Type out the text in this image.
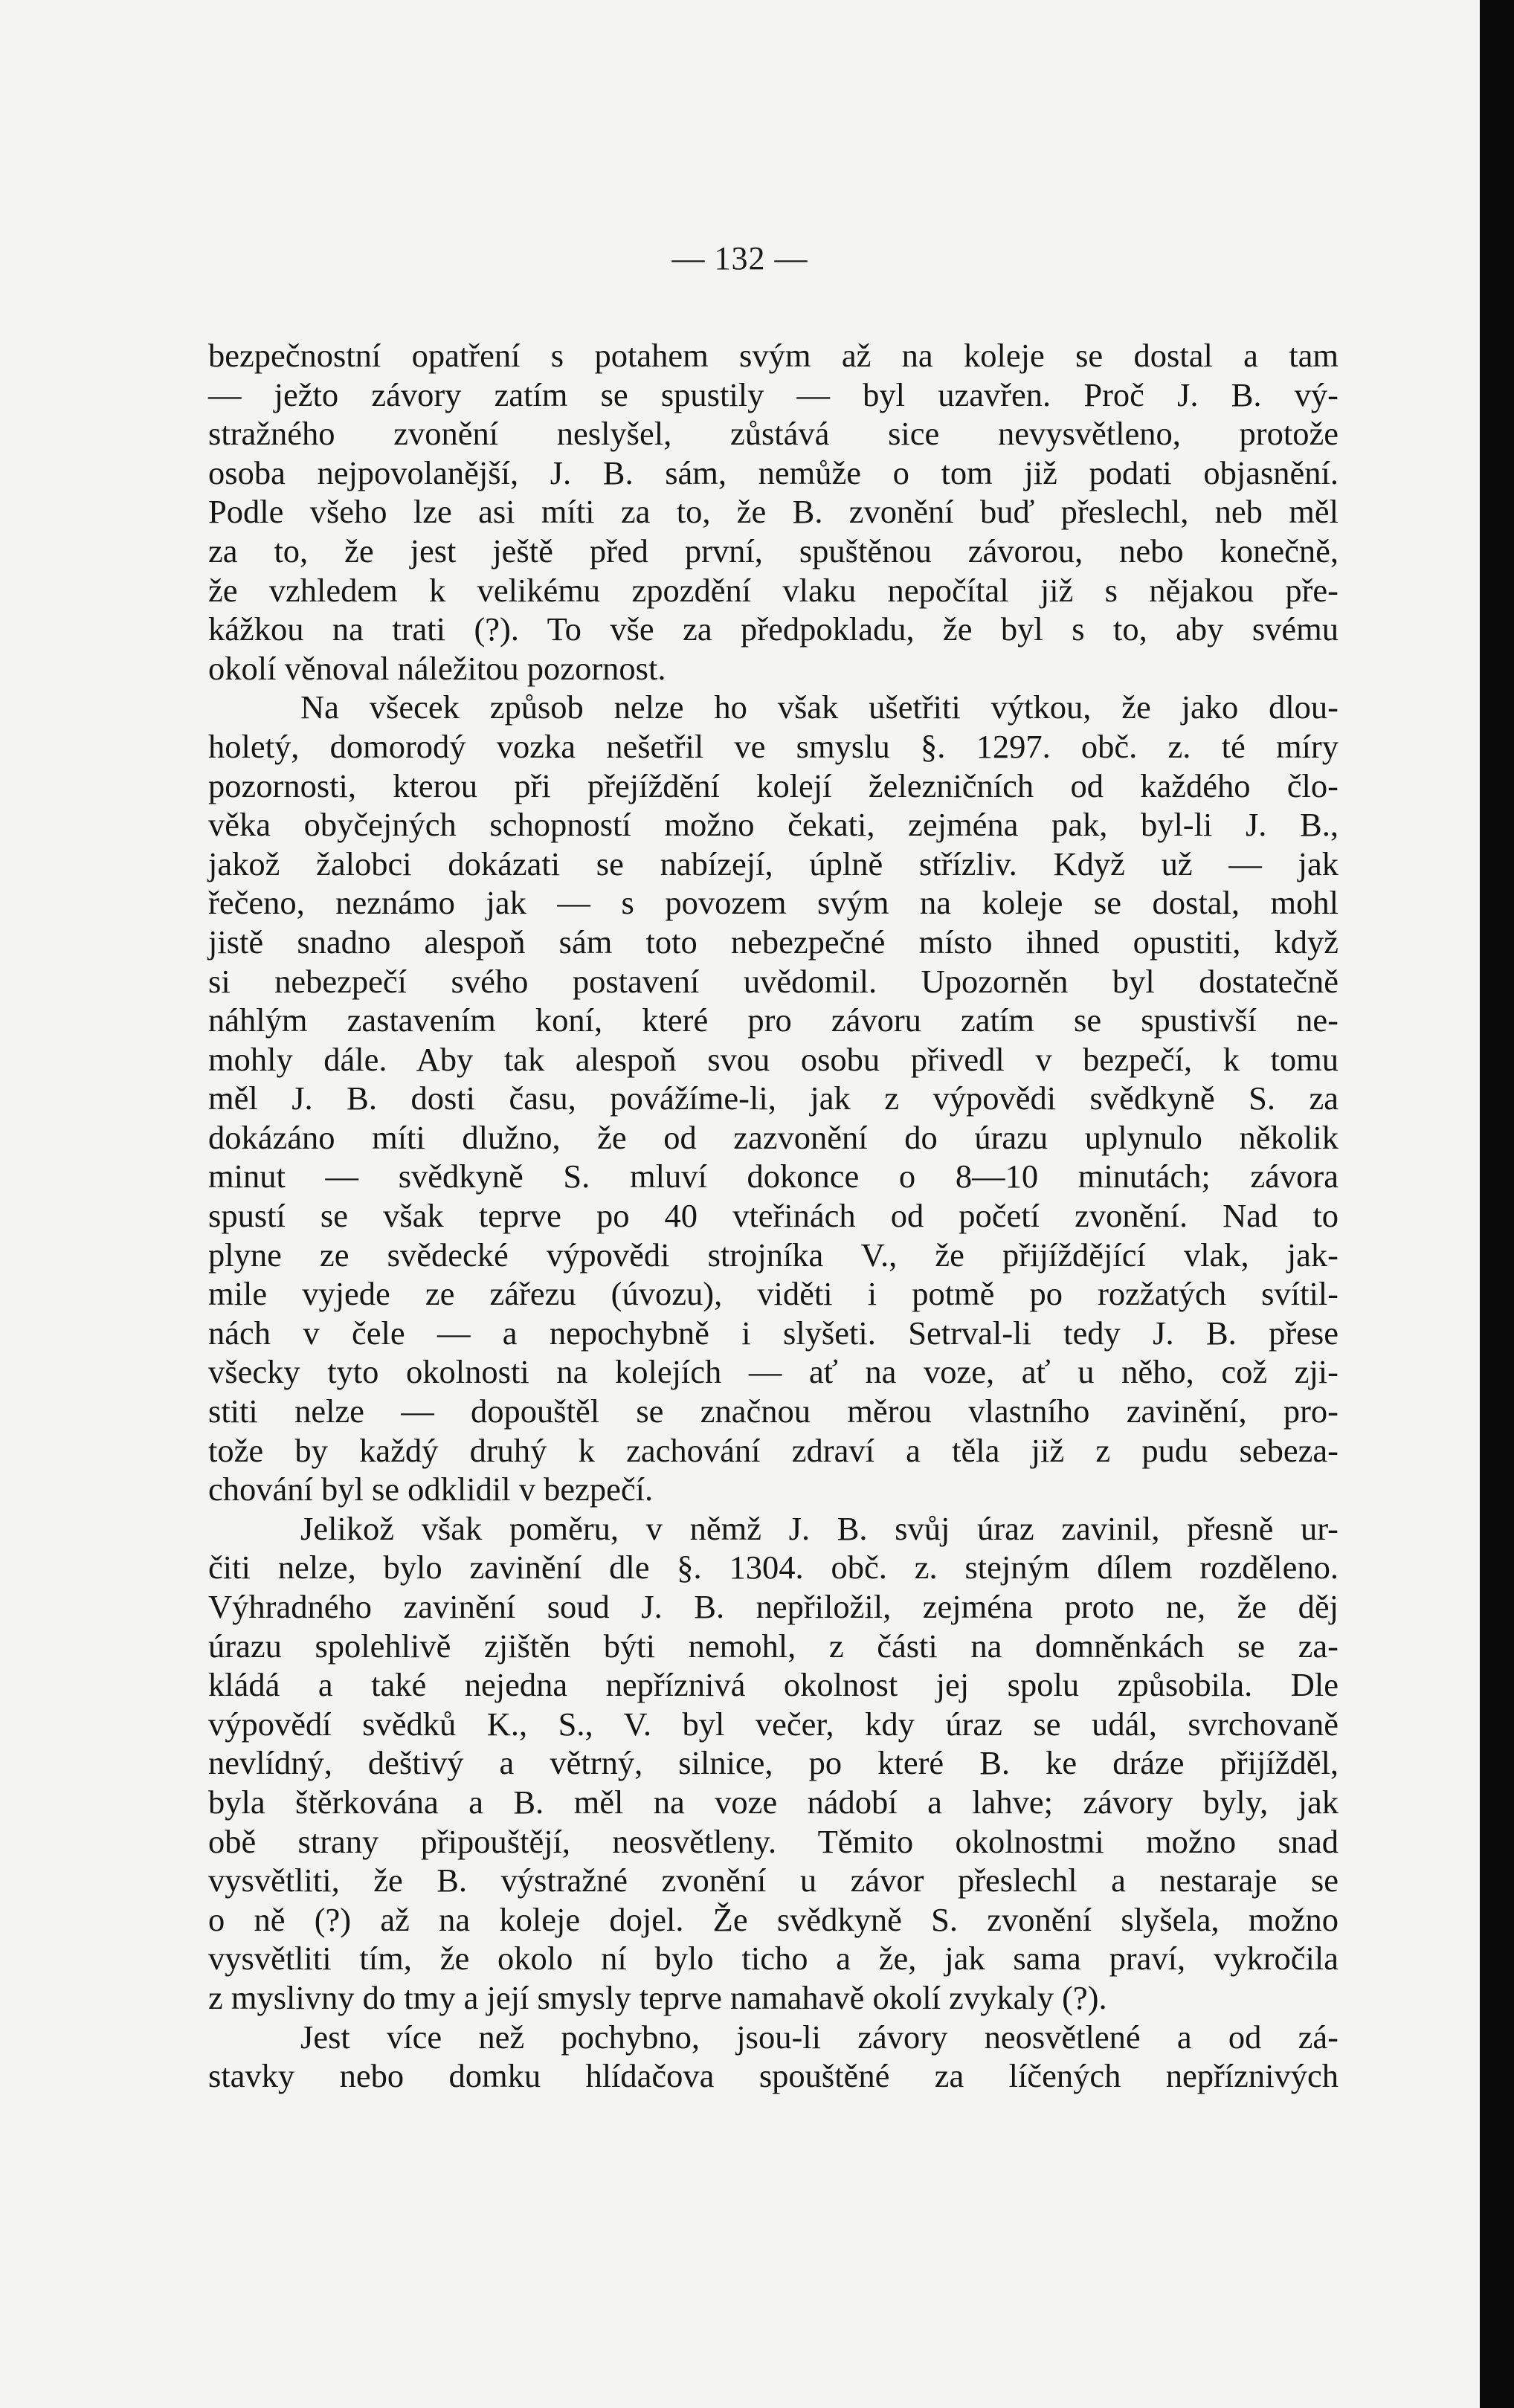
— 132 —
bezpečnostní opatření s potahem svým až na koleje se dostal a tam
— ježto závory zatím se spustily — byl uzavřen. Proč J. B. vý-
stražného zvonění neslyšel, zůstává sice nevysvětleno, protože
osoba nejpovolanější, J. B. sám, nemůže o tom již podati objasnění.
Podle všeho lze asi míti za to, že B. zvonění buď přeslechl, neb měl
za to, že jest ještě před první, spuštěnou závorou, nebo konečně,
že vzhledem k velikému zpozdění vlaku nepočítal již s nějakou pře-
kážkou na trati (?). To vše za předpokladu, že byl s to, aby svému
okolí věnoval náležitou pozornost.
Na všecek způsob nelze ho však ušetřiti výtkou, že jako dlou-
holetý, domorodý vozka nešetřil ve smyslu §. 1297. obč. z. té míry
pozornosti, kterou při přejíždění kolejí železničních od každého člo-
věka obyčejných schopností možno čekati, zejména pak, byl-li J. B.,
jakož žalobci dokázati se nabízejí, úplně střízliv. Když už — jak
řečeno, neznámo jak — s povozem svým na koleje se dostal, mohl
jistě snadno alespoň sám toto nebezpečné místo ihned opustiti, když
si nebezpečí svého postavení uvědomil. Upozorněn byl dostatečně
náhlým zastavením koní, které pro závoru zatím se spustivší ne-
mohly dále. Aby tak alespoň svou osobu přivedl v bezpečí, k tomu
měl J. B. dosti času, povážíme-li, jak z výpovědi svědkyně S. za
dokázáno míti dlužno, že od zazvonění do úrazu uplynulo několik
minut — svědkyně S. mluví dokonce o 8—10 minutách; závora
spustí se však teprve po 40 vteřinách od početí zvonění. Nad to
plyne ze svědecké výpovědi strojníka V., že přijíždějící vlak, jak-
mile vyjede ze zářezu (úvozu), viděti i potmě po rozžatých svítil-
nách v čele — a nepochybně i slyšeti. Setrval-li tedy J. B. přese
všecky tyto okolnosti na kolejích — ať na voze, ať u něho, což zji-
stiti nelze — dopouštěl se značnou měrou vlastního zavinění, pro-
tože by každý druhý k zachování zdraví a těla již z pudu sebeza-
chování byl se odklidil v bezpečí.
Jelikož však poměru, v němž J. B. svůj úraz zavinil, přesně ur-
čiti nelze, bylo zavinění dle §. 1304. obč. z. stejným dílem rozděleno.
Výhradného zavinění soud J. B. nepřiložil, zejména proto ne, že děj
úrazu spolehlivě zjištěn býti nemohl, z části na domněnkách se za-
kládá a také nejedna nepříznivá okolnost jej spolu způsobila. Dle
výpovědí svědků K., S., V. byl večer, kdy úraz se udál, svrchovaně
nevlídný, deštivý a větrný, silnice, po které B. ke dráze přijížděl,
byla štěrkována a B. měl na voze nádobí a lahve; závory byly, jak
obě strany připouštějí, neosvětleny. Těmito okolnostmi možno snad
vysvětliti, že B. výstražné zvonění u závor přeslechl a nestaraje se
o ně (?) až na koleje dojel. Že svědkyně S. zvonění slyšela, možno
vysvětliti tím, že okolo ní bylo ticho a že, jak sama praví, vykročila
z myslivny do tmy a její smysly teprve namahavě okolí zvykaly (?).
Jest více než pochybno, jsou-li závory neosvětlené a od zá-
stavky nebo domku hlídačova spouštěné za líčených nepříznivých
